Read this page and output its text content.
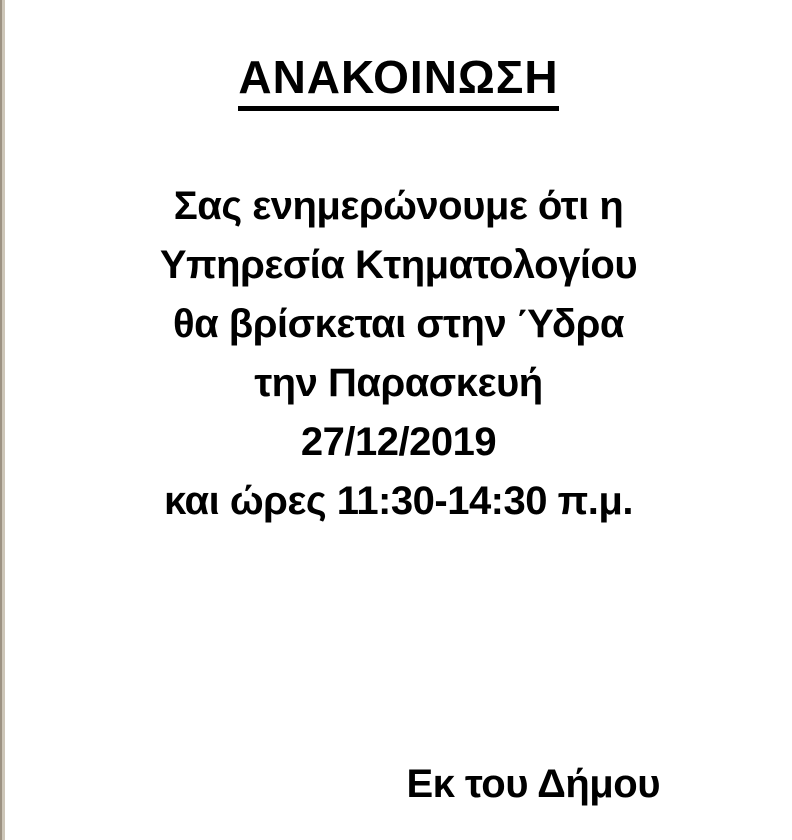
ΑΝΑΚΟΙΝΩΣΗ
Σας ενημερώνουμε ότι η
Υπηρεσία Κτηματολογίου
θα βρίσκεται στην Ύδρα
την Παρασκευή
27/12/2019
και ώρες 11:30-14:30 π.μ.
Εκ του Δήμου
